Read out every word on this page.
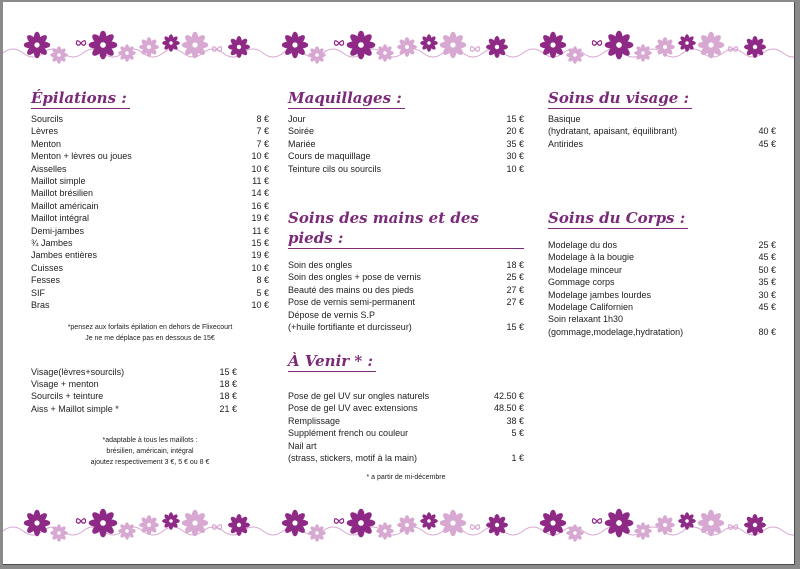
Épilations :
Sourcils	8 €
Lèvres	7 €
Menton	7 €
Menton + lèvres ou joues	10 €
Aisselles	10 €
Maillot simple	11 €
Maillot brésilien	14 €
Maillot américain	16 €
Maillot intégral	19 €
Demi-jambes	11 €
¾ Jambes	15 €
Jambes entières	19 €
Cuisses	10 €
Fesses	8 €
SIF	5 €
Bras	10 €
*pensez aux forfaits épilation en dehors de Flixecourt
Je ne me déplace pas en dessous de 15€
Visage(lèvres+sourcils)	15 €
Visage + menton	18 €
Sourcils + teinture	18 €
Aiss + Maillot simple *	21 €
*adaptable à tous les maillots :
brésilien, américain, intégral
ajoutez respectivement 3 €, 5 € ou 8 €
Maquillages :
Jour	15 €
Soirée	20 €
Mariée	35 €
Cours de maquillage	30 €
Teinture cils ou sourcils	10 €
Soins des mains et des pieds :
Soin des ongles	18 €
Soin des ongles + pose de vernis	25 €
Beauté des mains ou des pieds	27 €
Pose de vernis semi-permanent	27 €
Dépose de vernis S.P
(+huile fortifiante et durcisseur)	15 €
À Venir * :
Pose de gel UV sur ongles naturels	42.50 €
Pose de gel UV avec extensions	48.50 €
Remplissage	38 €
Supplément french ou couleur	5 €
Nail art
(strass, stickers, motif à la main)	1 €
* a partir de mi-décembre
Soins du visage :
Basique
(hydratant, apaisant, équilibrant)	40 €
Antirides	45 €
Soins du Corps :
Modelage du dos	25 €
Modelage à la bougie	45 €
Modelage minceur	50 €
Gommage corps	35 €
Modelage jambes lourdes	30 €
Modelage Californien	45 €
Soin relaxant 1h30
(gommage,modelage,hydratation)	80 €
